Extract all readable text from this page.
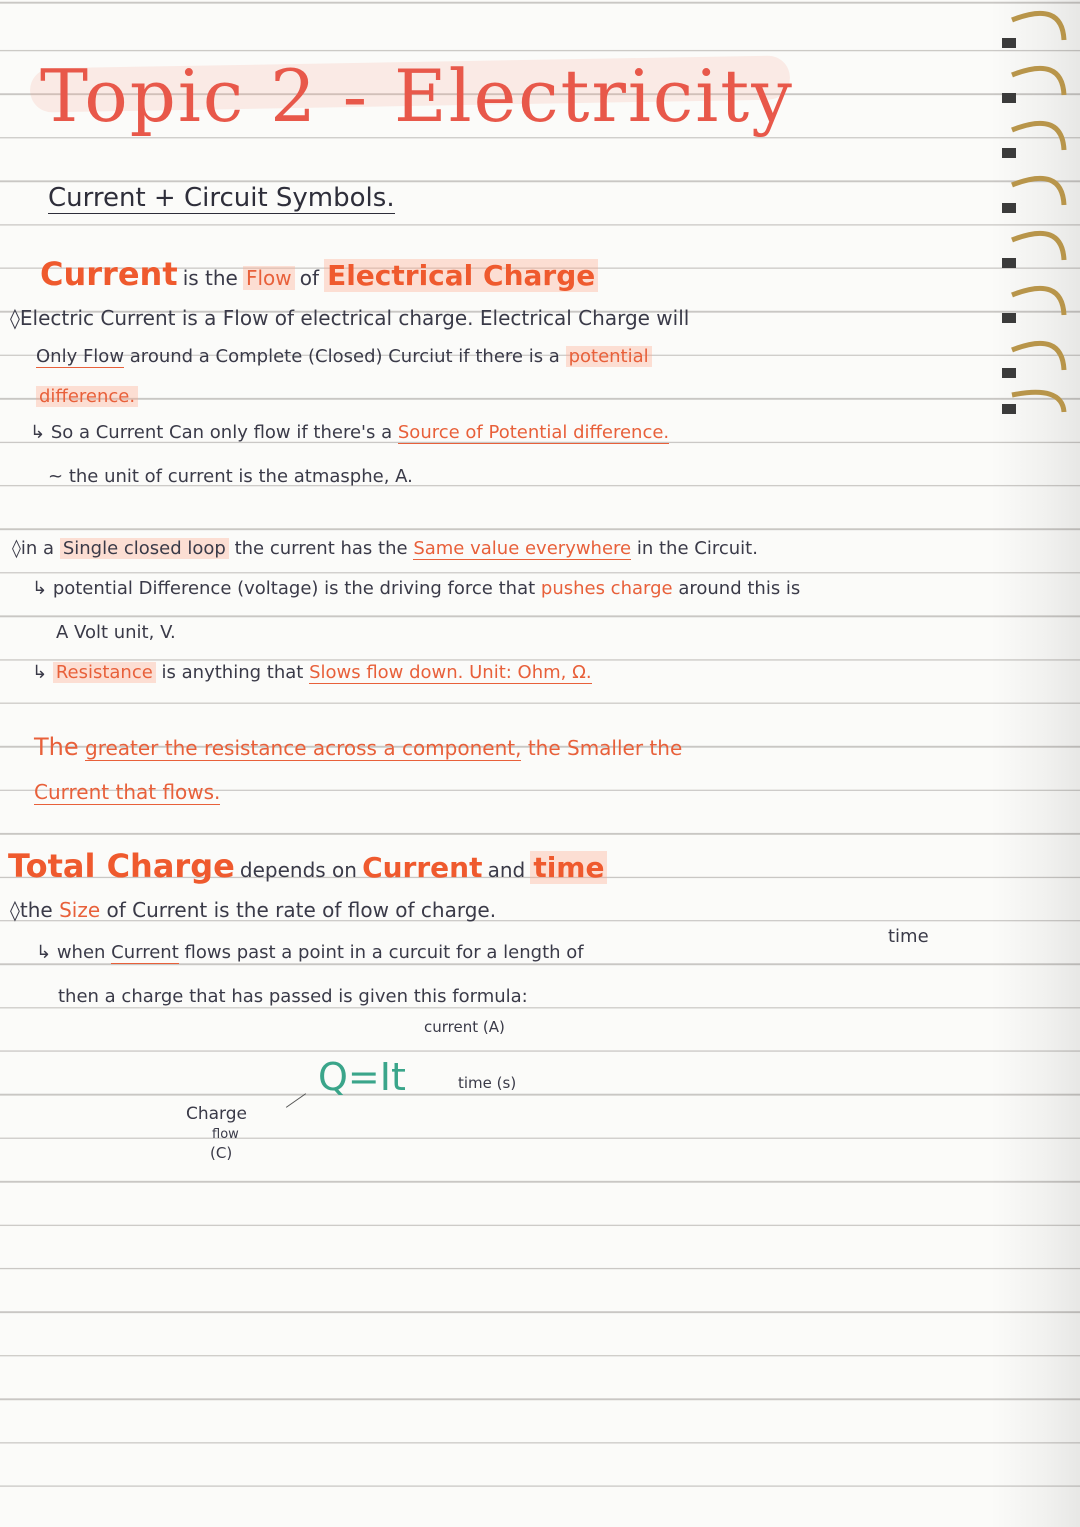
Topic 2 - Electricity
Current + Circuit Symbols.
Current is the Flow of Electrical Charge
◊Electric Current is a Flow of electrical charge. Electrical Charge will
Only Flow around a Complete (Closed) Curciut if there is a potential
difference.
↳ So a Current Can only flow if there's a Source of Potential difference.
~ the unit of current is the atmasphe, A.
◊in a Single closed loop the current has the Same value everywhere in the Circuit.
↳ potential Difference (voltage) is the driving force that pushes charge around this is
A Volt unit, V.
↳ Resistance is anything that Slows flow down. Unit: Ohm, Ω.
The greater the resistance across a component, the Smaller the
Current that flows.
Total Charge depends on Current and time
◊the Size of Current is the rate of flow of charge.
↳ when Current flows past a point in a curcuit for a length of
time
then a charge that has passed is given this formula:
current (A)
Q=It	time (s)
Charge
flow
(C)
